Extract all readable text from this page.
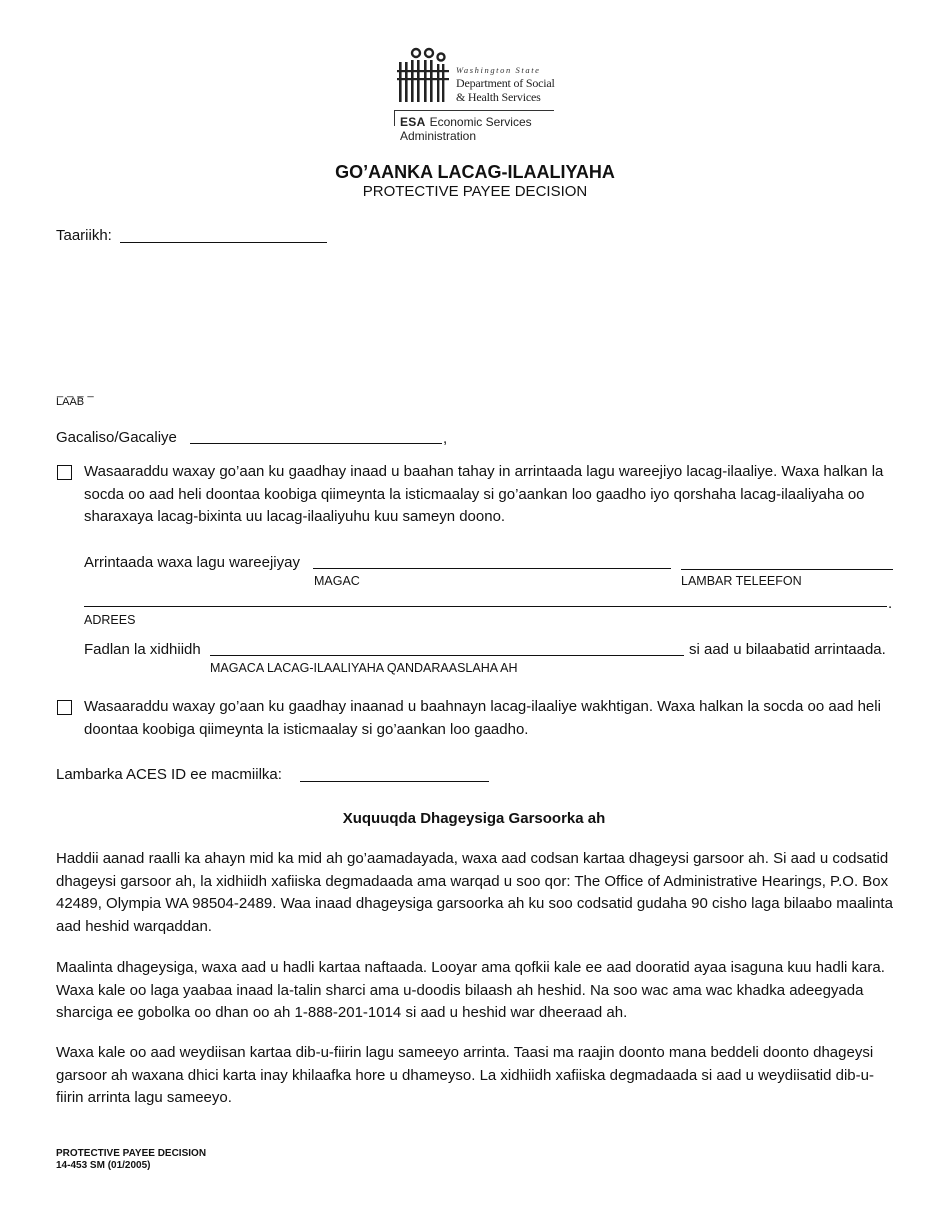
Washington State
Department of Social
& Health Services
ESA Economic Services
Administration
GO’AANKA LACAG-ILAALIYAHA
PROTECTIVE PAYEE DECISION
Taariikh:
_ _ _ _
LAAB
Gacaliso/Gacaliye	,
Wasaaraddu waxay go’aan ku gaadhay inaad u baahan tahay in arrintaada lagu wareejiyo lacag-ilaaliye. Waxa halkan la socda oo aad heli doontaa koobiga qiimeynta la isticmaalay si go’aankan loo gaadho iyo qorshaha lacag-ilaaliyaha oo sharaxaya lacag-bixinta uu lacag-ilaaliyuhu kuu sameyn doono.
Arrintaada waxa lagu wareejiyay
MAGAC	LAMBAR TELEEFON
.
ADREES
Fadlan la xidhiidh	si aad u bilaabatid arrintaada.
MAGACA LACAG-ILAALIYAHA QANDARAASLAHA AH
Wasaaraddu waxay go’aan ku gaadhay inaanad u baahnayn lacag-ilaaliye wakhtigan. Waxa halkan la socda oo aad heli doontaa koobiga qiimeynta la isticmaalay si go’aankan loo gaadho.
Lambarka ACES ID ee macmiilka:
Xuquuqda Dhageysiga Garsoorka ah
Haddii aanad raalli ka ahayn mid ka mid ah go’aamadayada, waxa aad codsan kartaa dhageysi garsoor ah. Si aad u codsatid dhageysi garsoor ah, la xidhiidh xafiiska degmadaada ama warqad u soo qor: The Office of Administrative Hearings, P.O. Box 42489, Olympia WA 98504-2489. Waa inaad dhageysiga garsoorka ah ku soo codsatid gudaha 90 cisho laga bilaabo maalinta aad heshid warqaddan.
Maalinta dhageysiga, waxa aad u hadli kartaa naftaada. Looyar ama qofkii kale ee aad dooratid ayaa isaguna kuu hadli kara. Waxa kale oo laga yaabaa inaad la-talin sharci ama u-doodis bilaash ah heshid. Na soo wac ama wac khadka adeegyada sharciga ee gobolka oo dhan oo ah 1-888-201-1014 si aad u heshid war dheeraad ah.
Waxa kale oo aad weydiisan kartaa dib-u-fiirin lagu sameeyo arrinta. Taasi ma raajin doonto mana beddeli doonto dhageysi garsoor ah waxana dhici karta inay khilaafka hore u dhameyso. La xidhiidh xafiiska degmadaada si aad u weydiisatid dib-u-fiirin arrinta lagu sameeyo.
PROTECTIVE PAYEE DECISION
14-453 SM (01/2005)
